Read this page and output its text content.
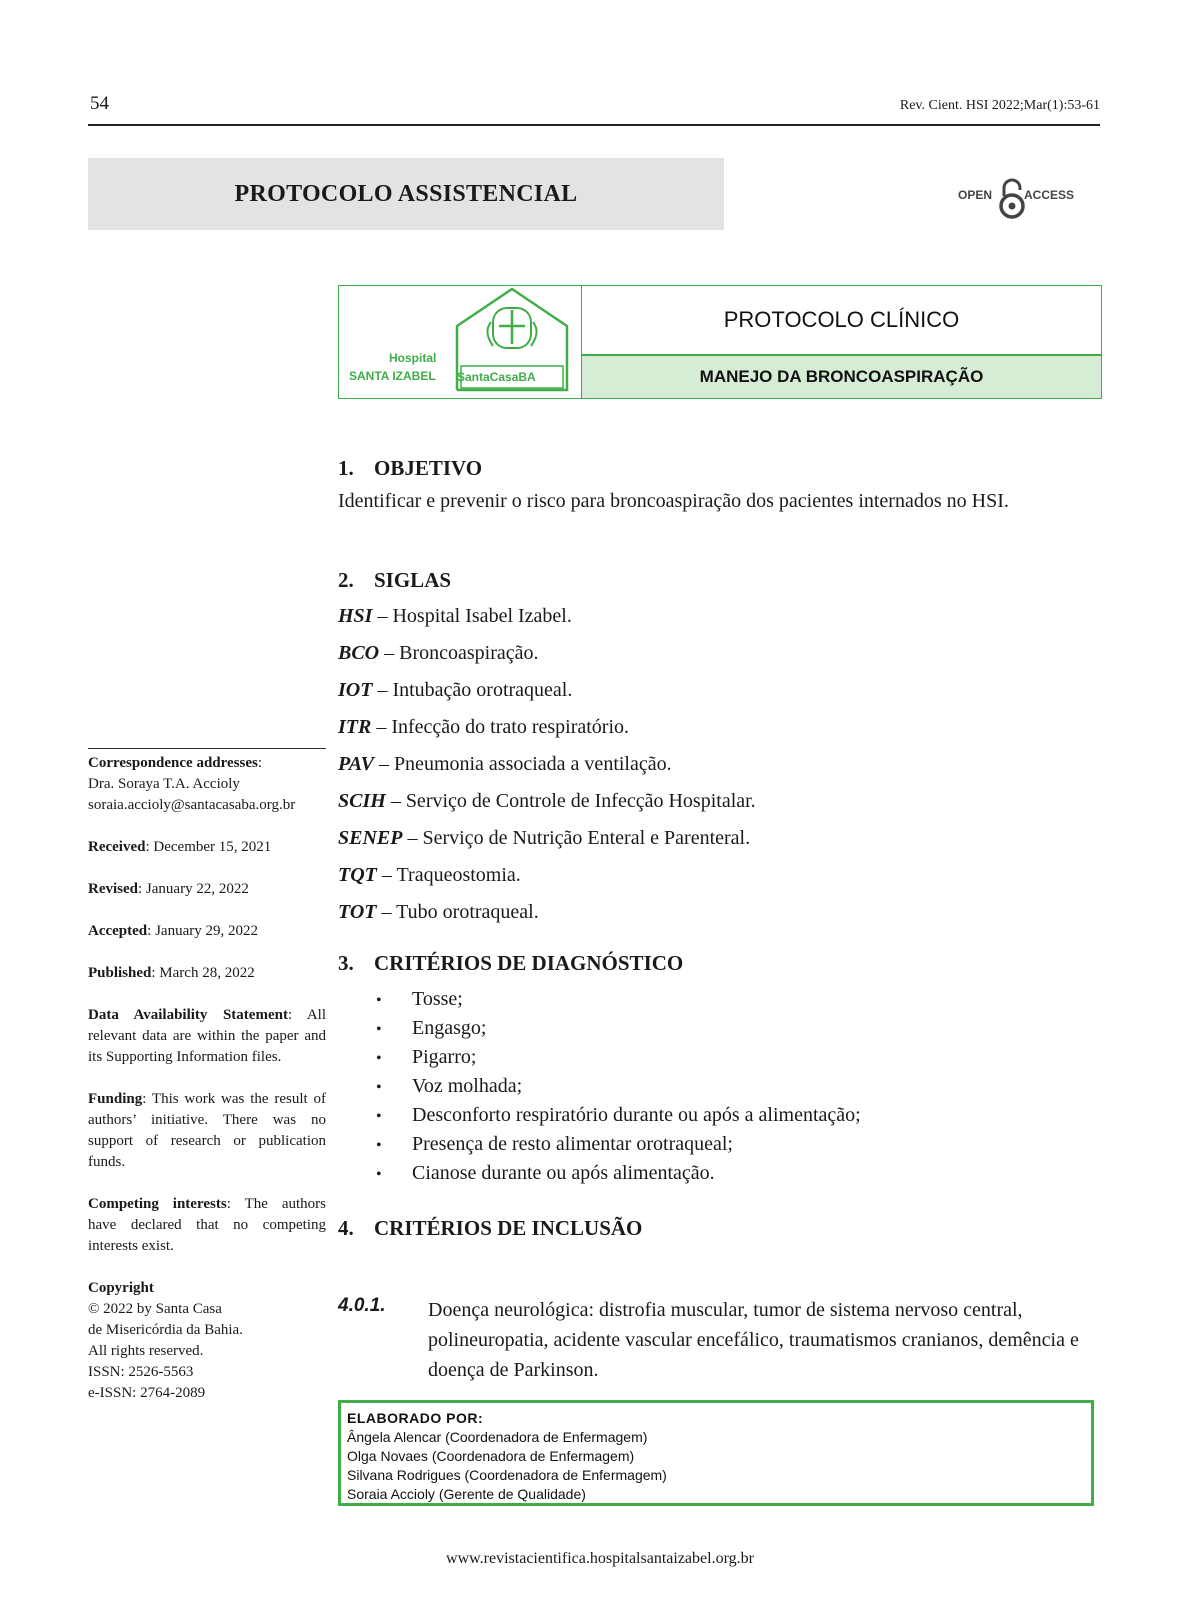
54	Rev. Cient. HSI 2022;Mar(1):53-61
PROTOCOLO ASSISTENCIAL	OPEN	ACCESS
Hospital
SANTA IZABEL SantaCasaBA
PROTOCOLO CLÍNICO
MANEJO DA BRONCOASPIRAÇÃO
1. OBJETIVO
Identificar e prevenir o risco para broncoaspiração dos pacientes internados no HSI.
2. SIGLAS
HSI – Hospital Isabel Izabel.
BCO – Broncoaspiração.
IOT – Intubação orotraqueal.
ITR – Infecção do trato respiratório.
PAV – Pneumonia associada a ventilação.
SCIH – Serviço de Controle de Infecção Hospitalar.
SENEP – Serviço de Nutrição Enteral e Parenteral.
TQT – Traqueostomia.
TOT – Tubo orotraqueal.
3. CRITÉRIOS DE DIAGNÓSTICO
• Tosse;
• Engasgo;
• Pigarro;
• Voz molhada;
• Desconforto respiratório durante ou após a alimentação;
• Presença de resto alimentar orotraqueal;
• Cianose durante ou após alimentação.
4. CRITÉRIOS DE INCLUSÃO
4.0.1. Doença neurológica: distrofia muscular, tumor de sistema nervoso central, polineuropatia, acidente vascular encefálico, traumatismos cranianos, demência e doença de Parkinson.
ELABORADO POR:
Ângela Alencar (Coordenadora de Enfermagem)
Olga Novaes (Coordenadora de Enfermagem)
Silvana Rodrigues (Coordenadora de Enfermagem)
Soraia Accioly (Gerente de Qualidade)

Correspondence addresses:
Dra. Soraya T.A. Accioly
soraia.accioly@santacasaba.org.br

Received: December 15, 2021

Revised: January 22, 2022

Accepted: January 29, 2022

Published: March 28, 2022

Data Availability Statement: All relevant data are within the paper and its Supporting Information files.

Funding: This work was the result of authors’ initiative. There was no support of research or publication funds.

Competing interests: The authors have declared that no competing interests exist.

Copyright
© 2022 by Santa Casa
de Misericórdia da Bahia.
All rights reserved.
ISSN: 2526-5563
e-ISSN: 2764-2089

www.revistacientifica.hospitalsantaizabel.org.br
